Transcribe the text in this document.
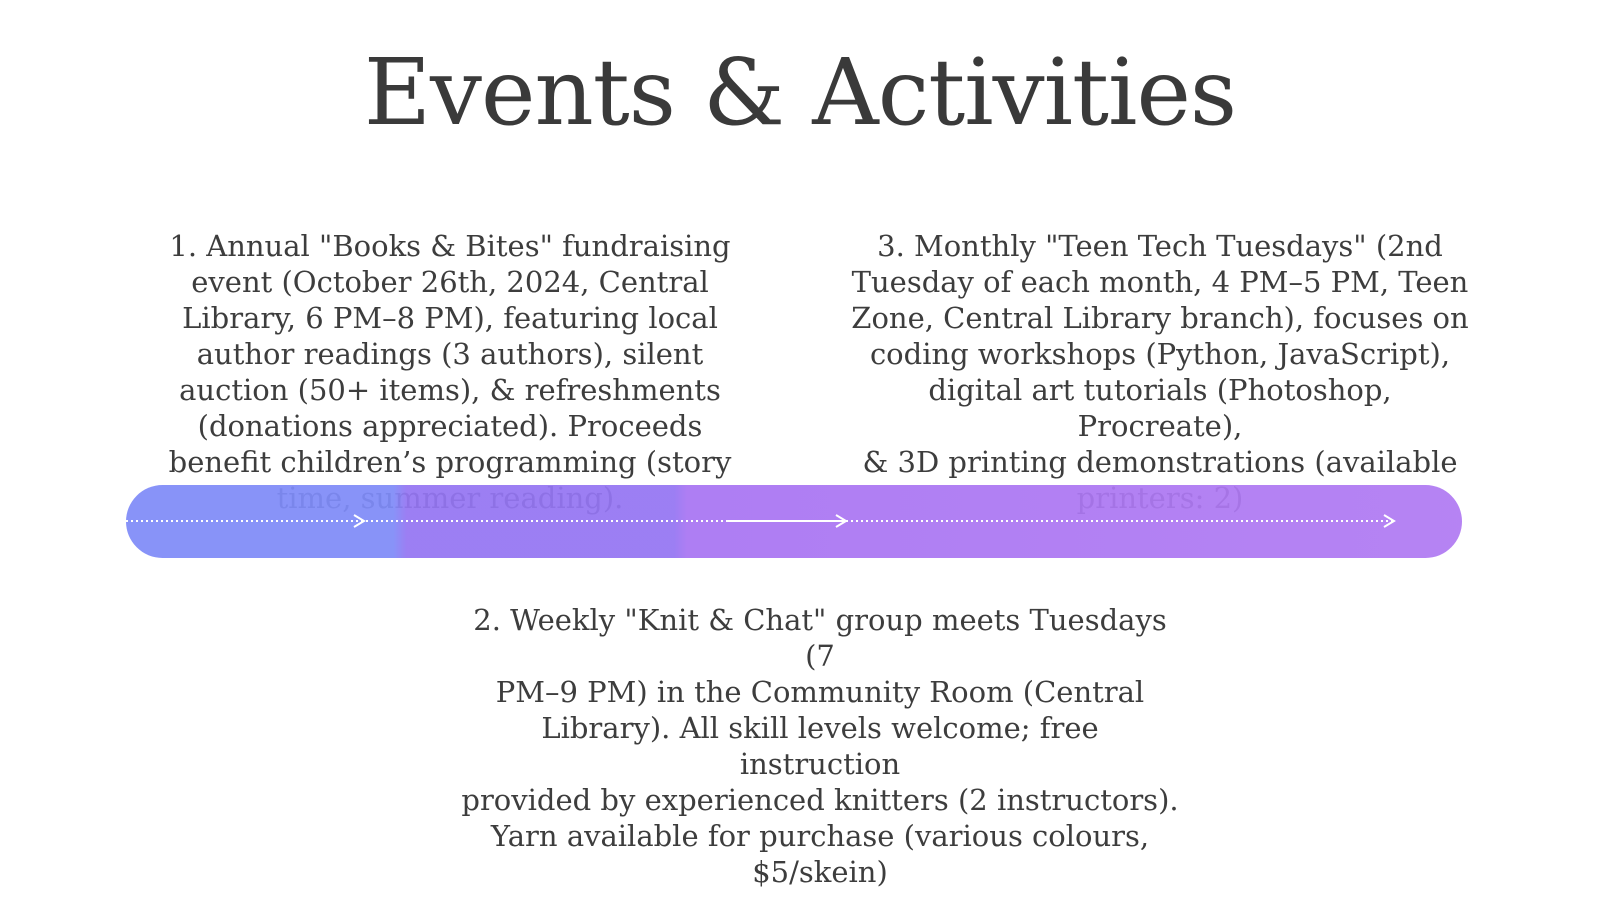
Events & Activities

1. Annual "Books & Bites" fundraising
event (October 26th, 2024, Central
Library, 6 PM–8 PM), featuring local
author readings (3 authors), silent
auction (50+ items), & refreshments
(donations appreciated). Proceeds
benefit children’s programming (story

3. Monthly "Teen Tech Tuesdays" (2nd
Tuesday of each month, 4 PM–5 PM, Teen
Zone, Central Library branch), focuses on
coding workshops (Python, JavaScript),
digital art tutorials (Photoshop, Procreate),
& 3D printing demonstrations (available

2. Weekly "Knit & Chat" group meets Tuesdays (7
PM–9 PM) in the Community Room (Central
Library). All skill levels welcome; free instruction
provided by experienced knitters (2 instructors).
Yarn available for purchase (various colours,
$5/skein)
